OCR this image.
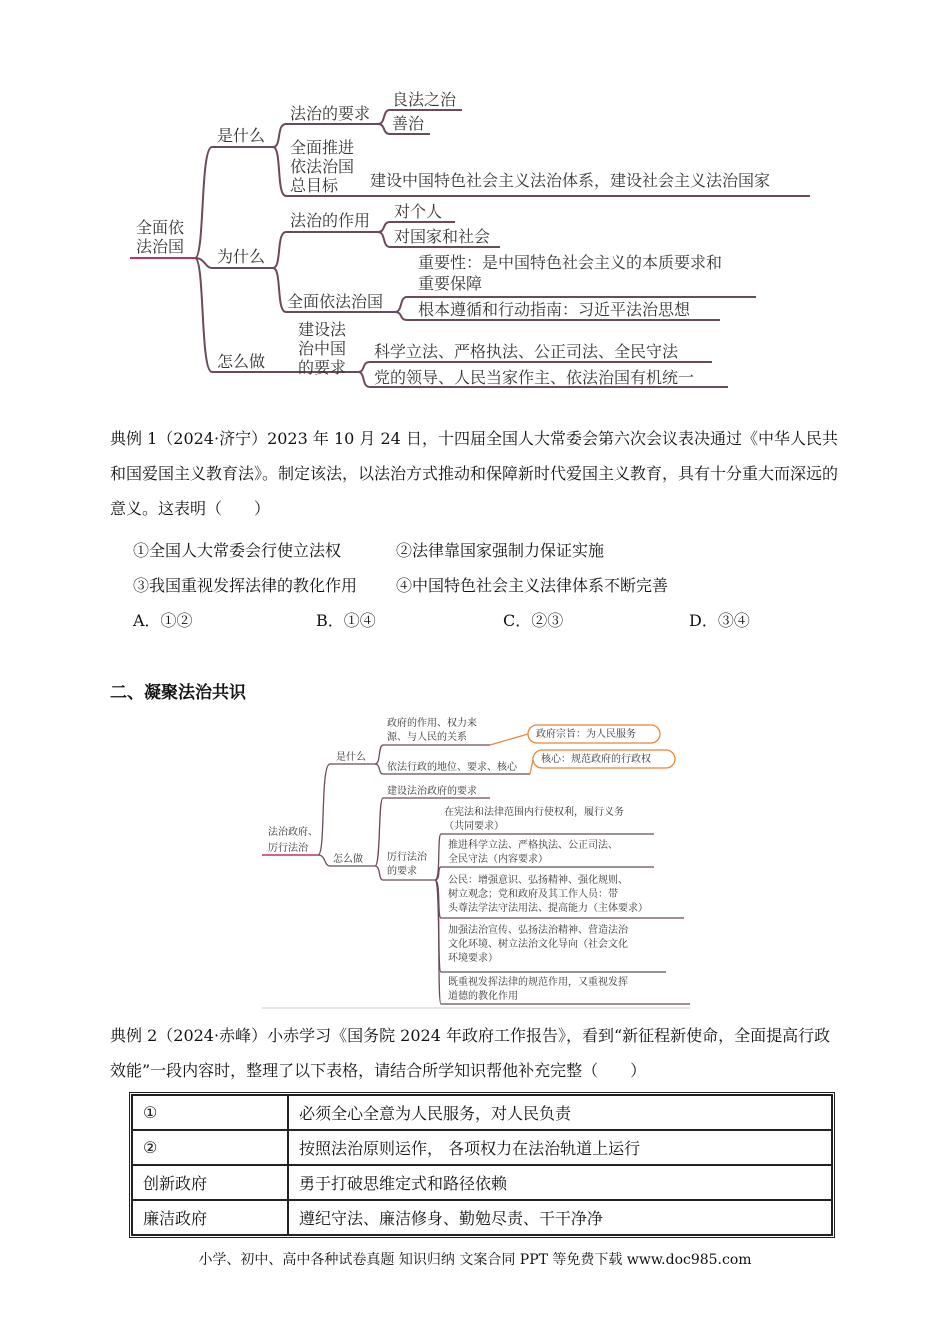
全面依
法治国
是什么
法治的要求
良法之治
善治
全面推进
依法治国
总目标	建设中国特色社会主义法治体系，建设社会主义法治国家
为什么
法治的作用 对个人
对国家和社会
全面依法治国
重要性：是中国特色社会主义的本质要求和
重要保障
根本遵循和行动指南：习近平法治思想
怎么做
建设法
治中国
的要求
科学立法、严格执法、公正司法、全民守法
党的领导、人民当家作主、依法治国有机统一
典例 1（2024·济宁）2023 年 10 月 24 日，十四届全国人大常委会第六次会议表决通过《中华人民共和国爱国主义教育法》。制定该法，以法治方式推动和保障新时代爱国主义教育，具有十分重大而深远的意义。这表明（　　）
①全国人大常委会行使立法权	②法律靠国家强制力保证实施
③我国重视发挥法律的教化作用 ④中国特色社会主义法律体系不断完善
A．①②	B．①④	C．②③	D．③④
二、凝聚法治共识
法治政府、
厉行法治
是什么
政府的作用、权力来
源、与人民的关系
依法行政的地位、要求、核心
政府宗旨：为人民服务
核心：规范政府的行政权
怎么做
建设法治政府的要求
厉行法治
的要求
在宪法和法律范围内行使权利，履行义务
（共同要求）
推进科学立法、严格执法、公正司法、
全民守法（内容要求）
公民：增强意识、弘扬精神、强化规则、
树立观念；党和政府及其工作人员：带
头尊法学法守法用法、提高能力（主体要求）
加强法治宣传、弘扬法治精神、营造法治
文化环境、树立法治文化导向（社会文化
环境要求）
既重视发挥法律的规范作用，又重视发挥
道德的教化作用
典例 2（2024·赤峰）小赤学习《国务院 2024 年政府工作报告》，看到“新征程新使命，全面提高行政效能”一段内容时，整理了以下表格，请结合所学知识帮他补充完整（　　）
①	必须全心全意为人民服务，对人民负责
②	按照法治原则运作， 各项权力在法治轨道上运行
创新政府	勇于打破思维定式和路径依赖
廉洁政府	遵纪守法、廉洁修身、勤勉尽责、干干净净
小学、初中、高中各种试卷真题 知识归纳 文案合同 PPT 等免费下载 www.doc985.com
